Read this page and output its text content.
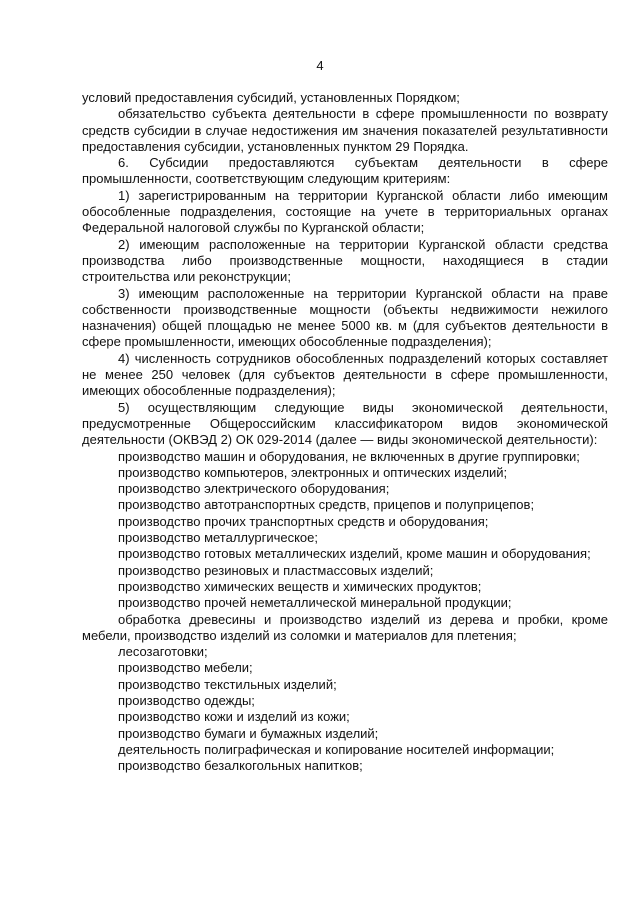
4

условий предоставления субсидий, установленных Порядком;

обязательство субъекта деятельности в сфере промышленности по возврату средств субсидии в случае недостижения им значения показателей результативности предоставления субсидии, установленных пунктом 29 Порядка.

6. Субсидии предоставляются субъектам деятельности в сфере промышленности, соответствующим следующим критериям:

1) зарегистрированным на территории Курганской области либо имеющим обособленные подразделения, состоящие на учете в территориальных органах Федеральной налоговой службы по Курганской области;

2) имеющим расположенные на территории Курганской области средства производства либо производственные мощности, находящиеся в стадии строительства или реконструкции;

3) имеющим расположенные на территории Курганской области на праве собственности производственные мощности (объекты недвижимости нежилого назначения) общей площадью не менее 5000 кв. м (для субъектов деятельности в сфере промышленности, имеющих обособленные подразделения);

4) численность сотрудников обособленных подразделений которых составляет не менее 250 человек (для субъектов деятельности в сфере промышленности, имеющих обособленные подразделения);

5) осуществляющим следующие виды экономической деятельности, предусмотренные Общероссийским классификатором видов экономической деятельности (ОКВЭД 2) ОК 029-2014 (далее — виды экономической деятельности):

производство машин и оборудования, не включенных в другие группировки;

производство компьютеров, электронных и оптических изделий;

производство электрического оборудования;

производство автотранспортных средств, прицепов и полуприцепов;

производство прочих транспортных средств и оборудования;

производство металлургическое;

производство готовых металлических изделий, кроме машин и оборудования;

производство резиновых и пластмассовых изделий;

производство химических веществ и химических продуктов;

производство прочей неметаллической минеральной продукции;

обработка древесины и производство изделий из дерева и пробки, кроме мебели, производство изделий из соломки и материалов для плетения;

лесозаготовки;

производство мебели;

производство текстильных изделий;

производство одежды;

производство кожи и изделий из кожи;

производство бумаги и бумажных изделий;

деятельность полиграфическая и копирование носителей информации;

производство безалкогольных напитков;
